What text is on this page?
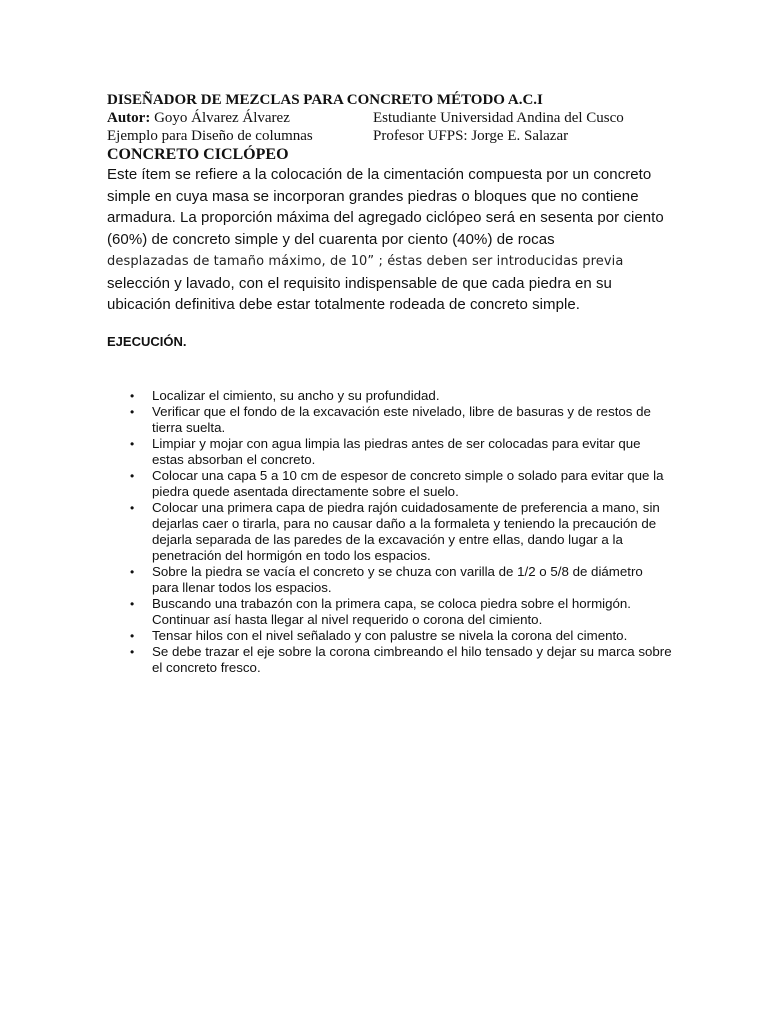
DISEÑADOR DE MEZCLAS PARA CONCRETO MÉTODO A.C.I

Autor: Goyo Álvarez Álvarez	Estudiante Universidad Andina del Cusco
Ejemplo para Diseño de columnas	Profesor UFPS: Jorge E. Salazar
CONCRETO CICLÓPEO

Este ítem se refiere a la colocación de la cimentación compuesta por un concreto simple en cuya masa se incorporan grandes piedras o bloques que no contiene armadura. La proporción máxima del agregado ciclópeo será en sesenta por ciento (60%) de concreto simple y del cuarenta por ciento (40%) de rocas
desplazadas de tamaño máximo, de 10” ; éstas deben ser introducidas previa
selección y lavado, con el requisito indispensable de que cada piedra en su ubicación definitiva debe estar totalmente rodeada de concreto simple.

EJECUCIÓN.

• Localizar el cimiento, su ancho y su profundidad.
• Verificar que el fondo de la excavación este nivelado, libre de basuras y de restos de tierra suelta.
• Limpiar y mojar con agua limpia las piedras antes de ser colocadas para evitar que estas absorban el concreto.
• Colocar una capa 5 a 10 cm de espesor de concreto simple o solado para evitar que la piedra quede asentada directamente sobre el suelo.
• Colocar una primera capa de piedra rajón cuidadosamente de preferencia a mano, sin dejarlas caer o tirarla, para no causar daño a la formaleta y teniendo la precaución de dejarla separada de las paredes de la excavación y entre ellas, dando lugar a la penetración del hormigón en todo los espacios.
• Sobre la piedra se vacía el concreto y se chuza con varilla de 1/2 o 5/8 de diámetro para llenar todos los espacios.
• Buscando una trabazón con la primera capa, se coloca piedra sobre el hormigón. Continuar así hasta llegar al nivel requerido o corona del cimiento.
• Tensar hilos con el nivel señalado y con palustre se nivela la corona del cimento.
• Se debe trazar el eje sobre la corona cimbreando el hilo tensado y dejar su marca sobre el concreto fresco.
